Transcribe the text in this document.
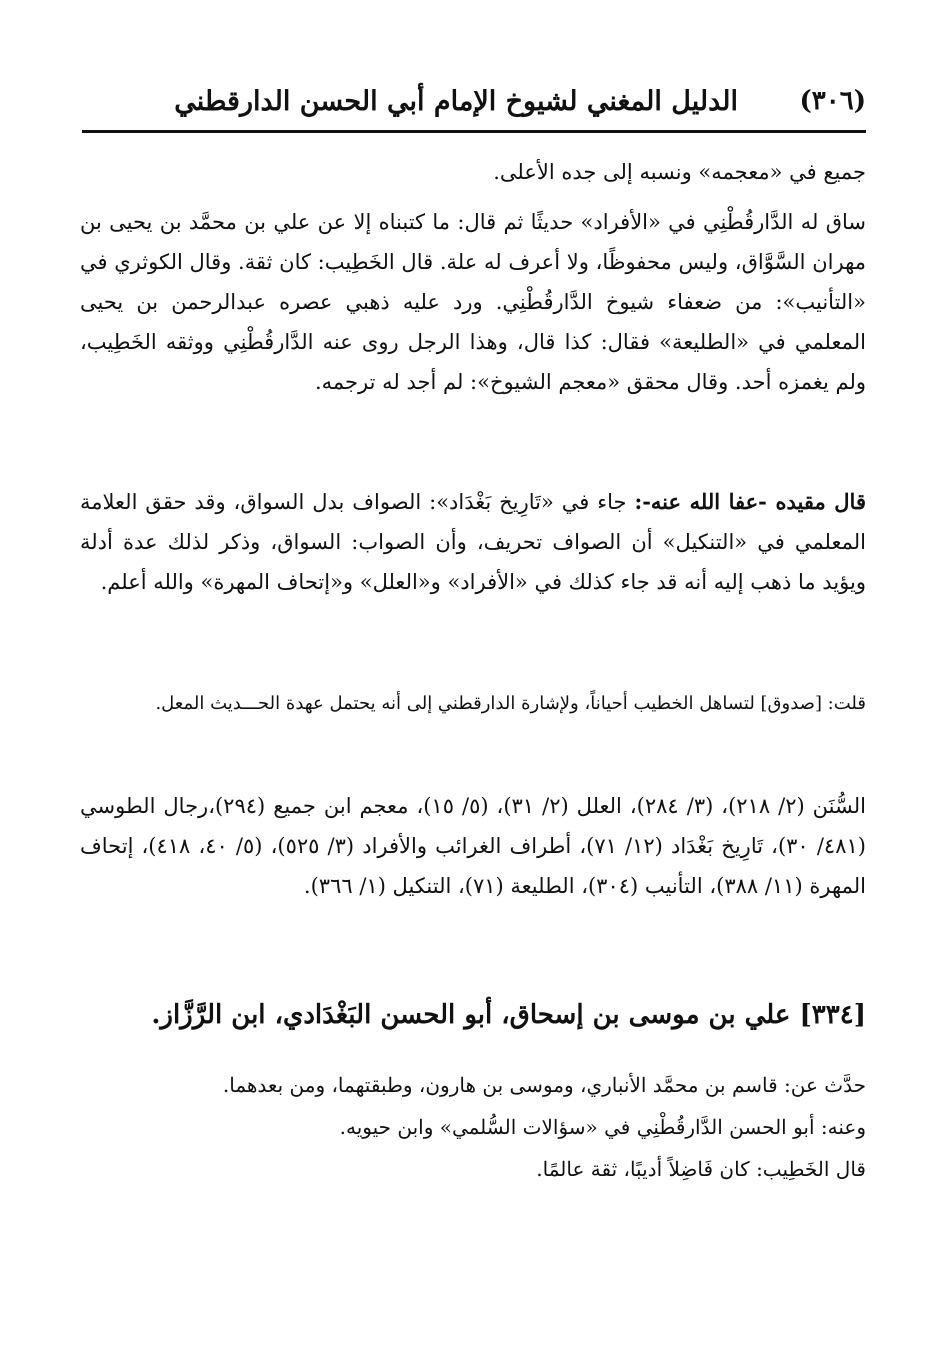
(٣٠٦)
الدليل المغني لشيوخ الإمام أبي الحسن الدارقطني

جميع في «معجمه» ونسبه إلى جده الأعلى.

ساق له الدَّارقُطْنِي في «الأفراد» حديثًا ثم قال: ما كتبناه إلا عن علي بن محمَّد بن يحيى بن مهران السَّوَّاق، وليس محفوظًا، ولا أعرف له علة. قال الخَطِيب: كان ثقة. وقال الكوثري في «التأنيب»: من ضعفاء شيوخ الدَّارقُطْنِي. ورد عليه ذهبي عصره عبدالرحمن بن يحيى المعلمي في «الطليعة» فقال: كذا قال، وهذا الرجل روى عنه الدَّارقُطْنِي ووثقه الخَطِيب، ولم يغمزه أحد. وقال محقق «معجم الشيوخ»: لم أجد له ترجمه.

قال مقيده -عفا الله عنه-: جاء في «تَارِيخ بَغْدَاد»: الصواف بدل السواق، وقد حقق العلامة المعلمي في «التنكيل» أن الصواف تحريف، وأن الصواب: السواق، وذكر لذلك عدة أدلة ويؤيد ما ذهب إليه أنه قد جاء كذلك في «الأفراد» و«العلل» و«إتحاف المهرة» والله أعلم.

قلت: [صدوق] لتساهل الخطيب أحياناً، ولإشارة الدارقطني إلى أنه يحتمل عهدة الحـــديث المعل.

السُّنَن (٢/ ٢١٨)، (٣/ ٢٨٤)، العلل (٢/ ٣١)، (٥/ ١٥)، معجم ابن جميع (٢٩٤)،رجال الطوسي (٤٨١/ ٣٠)، تَارِيخ بَغْدَاد (١٢/ ٧١)، أطراف الغرائب والأفراد (٣/ ٥٢٥)، (٥/ ٤٠، ٤١٨)، إتحاف المهرة (١١/ ٣٨٨)، التأنيب (٣٠٤)، الطليعة (٧١)، التنكيل (١/ ٣٦٦).

[٣٣٤] علي بن موسى بن إسحاق، أبو الحسن البَغْدَادي، ابن الرَّزَّاز.

حدَّث عن: قاسم بن محمَّد الأنباري، وموسى بن هارون، وطبقتهما، ومن بعدهما.

وعنه: أبو الحسن الدَّارقُطْنِي في «سؤالات السُّلمي» وابن حيويه.

قال الخَطِيب: كان فَاضِلاً أديبًا، ثقة عالمًا.
